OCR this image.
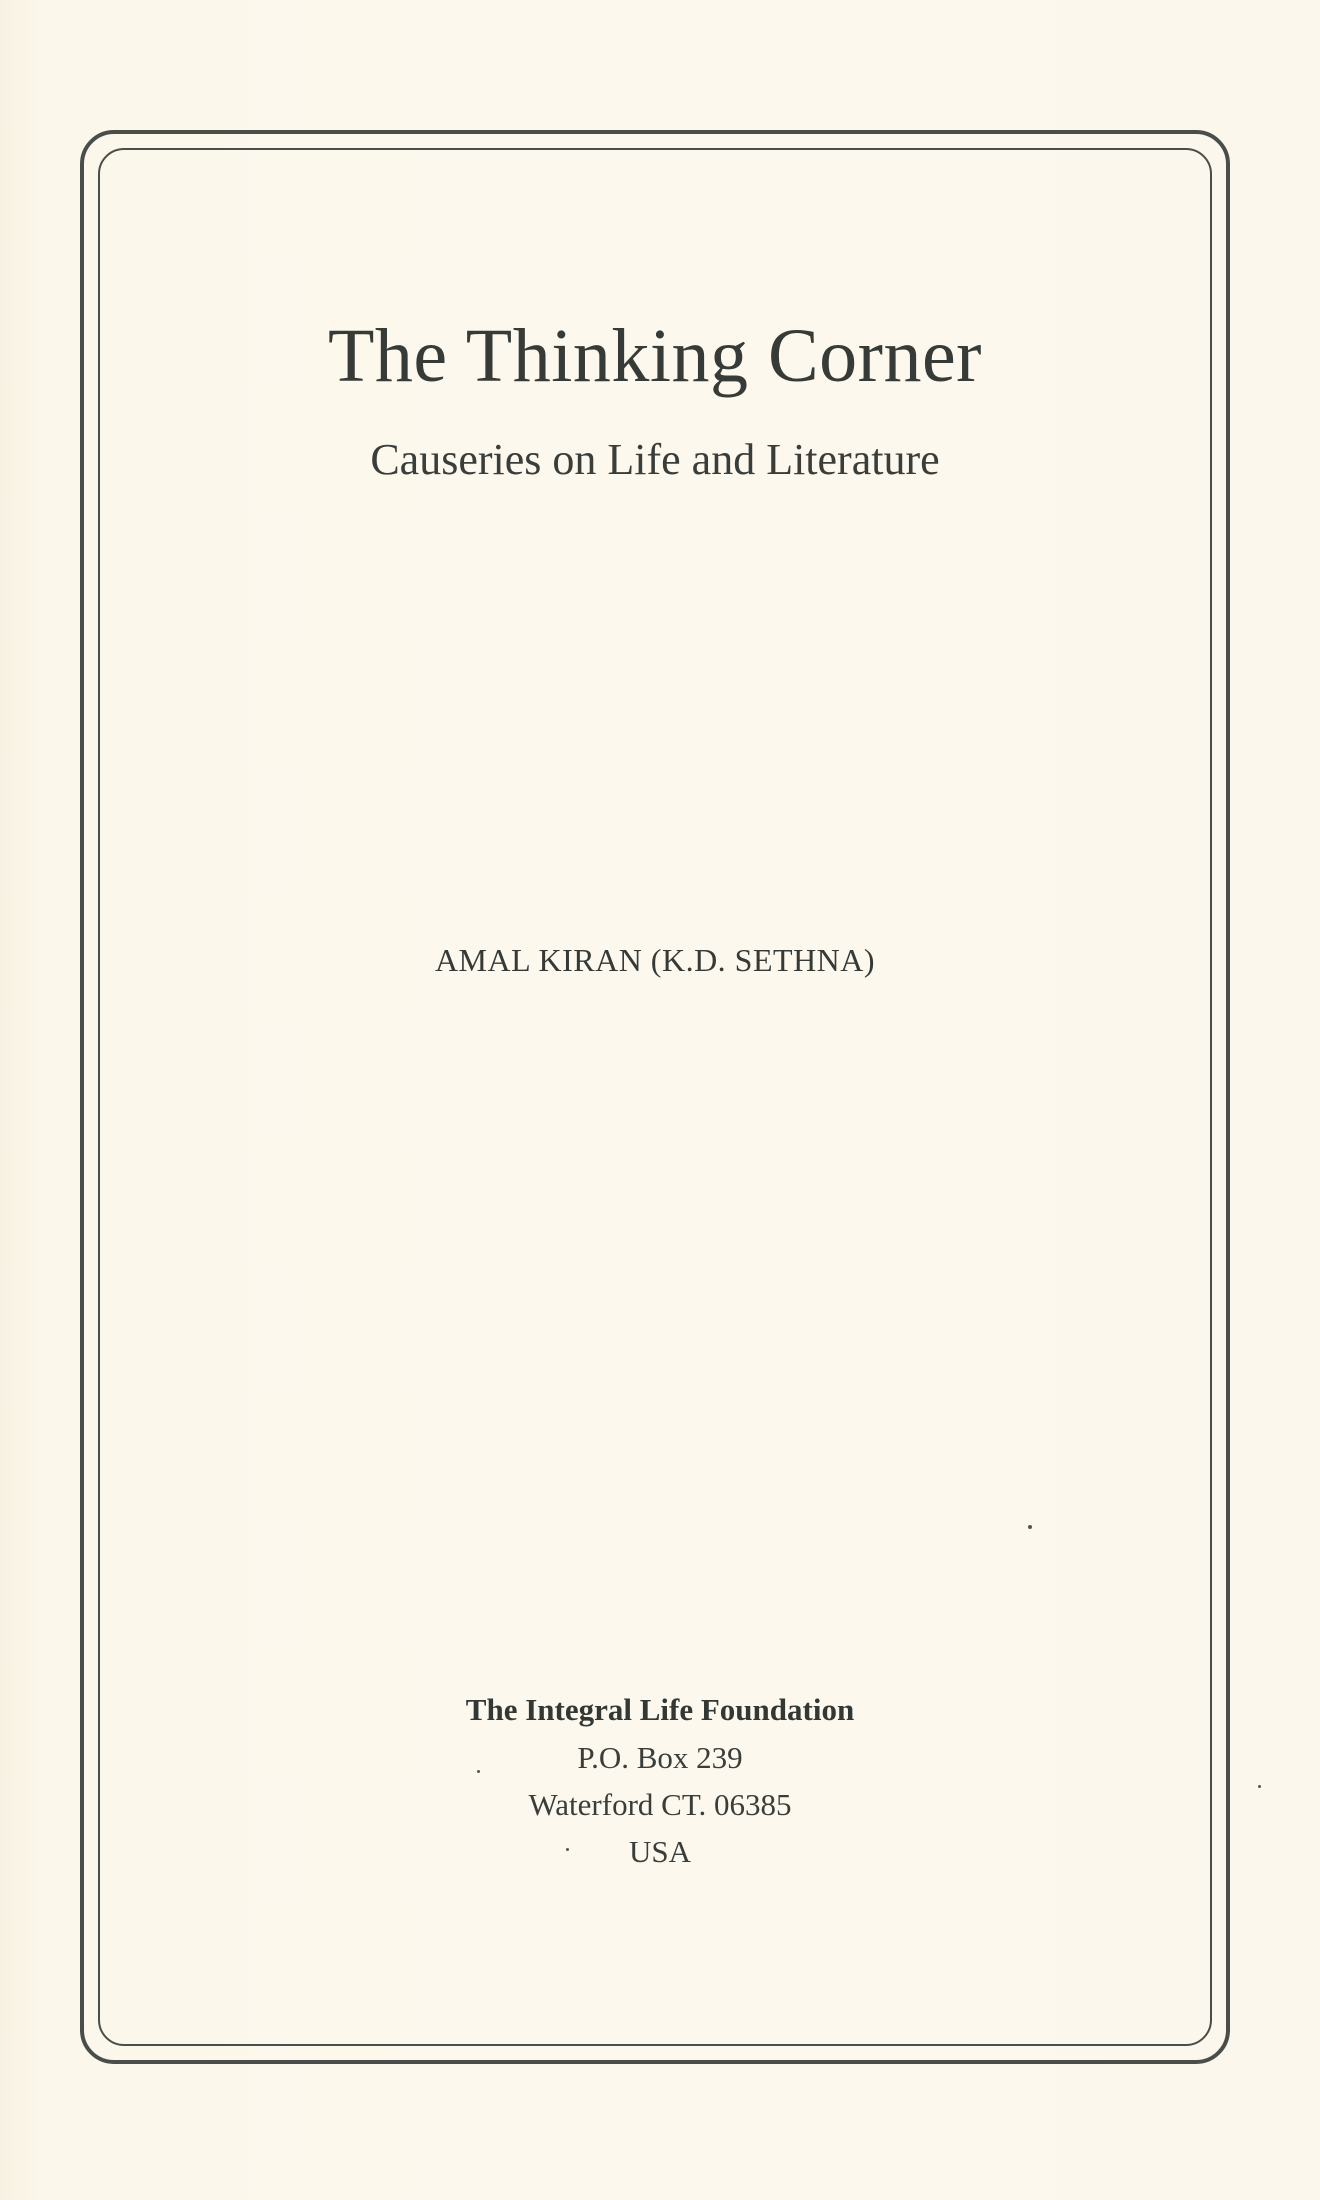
The Thinking Corner
Causeries on Life and Literature
AMAL KIRAN (K.D. SETHNA)
The Integral Life Foundation
P.O. Box 239
Waterford CT. 06385
USA
